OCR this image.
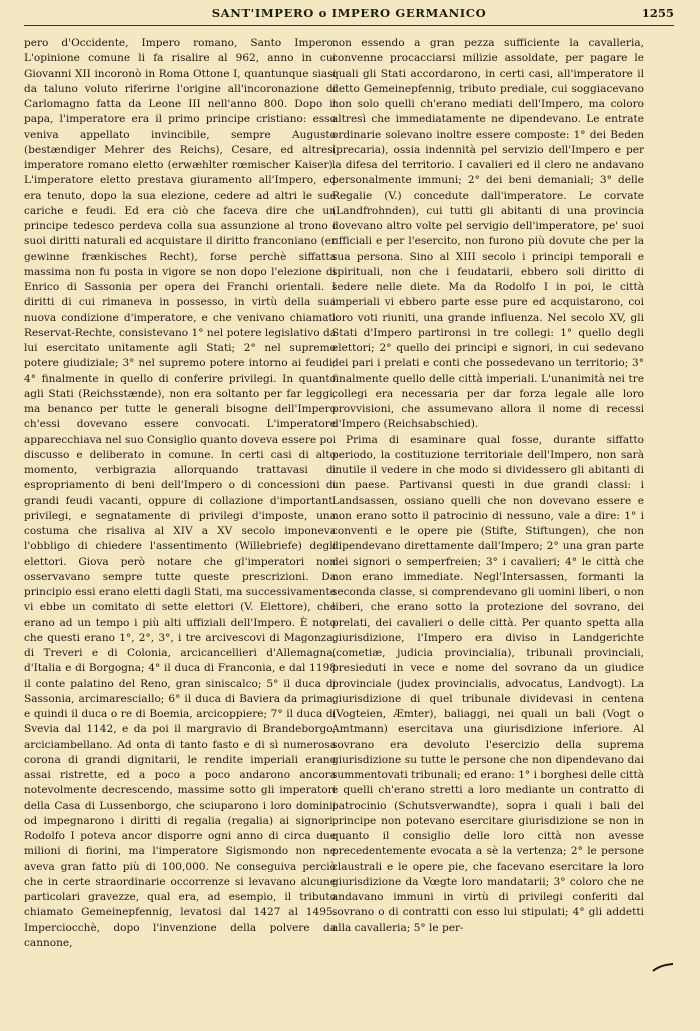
SANT'IMPERO o IMPERO GERMANICO	1255

pero d'Occidente, Impero romano, Santo Impero. L'opinione comune li fa risalire al 962, anno in cui Giovanni XII incoronò in Roma Ottone I, quantunque siasi da taluno voluto riferirne l'origine all'incoronazione di Carlomagno fatta da Leone III nell'anno 800. Dopo il papa, l'imperatore era il primo principe cristiano: esso veniva appellato invincibile, sempre Augusto (bestændiger Mehrer des Reichs), Cesare, ed altresì imperatore romano eletto (erwæhlter rœmischer Kaiser). L'imperatore eletto prestava giuramento all'Impero, ed era tenuto, dopo la sua elezione, cedere ad altri le sue cariche e feudi. Ed era ciò che faceva dire che un principe tedesco perdeva colla sua assunzione al trono i suoi diritti naturali ed acquistare il diritto franconiano (er gewinne frænkisches Recht), forse perchè siffatta massima non fu posta in vigore se non dopo l'elezione di Enrico di Sassonia per opera dei Franchi orientali. I diritti di cui rimaneva in possesso, in virtù della sua nuova condizione d'imperatore, e che venivano chiamati Reservat-Rechte, consistevano 1° nel potere legislativo da lui esercitato unitamente agli Stati; 2° nel supremo potere giudiziale; 3° nel supremo potere intorno ai feudi; 4° finalmente in quello di conferire privilegi. In quanto agli Stati (Reichsstænde), non era soltanto per far leggi, ma benanco per tutte le generali bisogne dell'Impero ch'essi dovevano essere convocati. L'imperatore apparecchiava nel suo Consiglio quanto doveva essere poi discusso e deliberato in comune. In certi casi di alto momento, verbigrazia allorquando trattavasi di espropriamento di beni dell'Impero o di concessioni di grandi feudi vacanti, oppure di collazione d'importanti privilegi, e segnatamente di privilegi d'imposte, una costuma che risaliva al XIV a XV secolo imponeva l'obbligo di chiedere l'assentimento (Willebriefe) degli elettori. Giova però notare che gl'imperatori non osservavano sempre tutte queste prescrizioni. Da principio essi erano eletti dagli Stati, ma successivamente vi ebbe un comitato di sette elettori (V. Elettore), che erano ad un tempo i più alti uffiziali dell'Impero. È noto che questi erano 1°, 2°, 3°, i tre arcivescovi di Magonza, di Treveri e di Colonia, arcicancellieri d'Allemagna, d'Italia e di Borgogna; 4° il duca di Franconia, e dal 1198 il conte palatino del Reno, gran siniscalco; 5° il duca di Sassonia, arcimaresciallo; 6° il duca di Baviera da prima, e quindi il duca o re di Boemia, arcicoppiere; 7° il duca di Svevia dal 1142, e da poi il margravio di Brandeborgo, arciciambellano. Ad onta di tanto fasto e di sì numerosa corona di grandi dignitarii, le rendite imperiali erano assai ristrette, ed a poco a poco andarono ancora notevolmente decrescendo, massime sotto gli imperatori della Casa di Lussenborgo, che sciuparono i loro dominii od impegnarono i diritti di regalia (regalia) ai signori. Rodolfo I poteva ancor disporre ogni anno di circa due milioni di fiorini, ma l'imperatore Sigismondo non ne aveva gran fatto più di 100,000. Ne conseguiva perciò che in certe straordinarie occorrenze si levavano alcune particolari gravezze, qual era, ad esempio, il tributo chiamato Gemeinepfennig, levatosi dal 1427 al 1495. Imperciocchè, dopo l'invenzione della polvere da cannone,

non essendo a gran pezza sufficiente la cavalleria, convenne procacciarsi milizie assoldate, per pagare le quali gli Stati accordarono, in certi casi, all'imperatore il detto Gemeinepfennig, tributo prediale, cui soggiacevano non solo quelli ch'erano mediati dell'Impero, ma coloro altresì che immediatamente ne dipendevano. Le entrate ordinarie solevano inoltre essere composte: 1° dei Beden (precaria), ossia indennità pel servizio dell'Impero e per la difesa del territorio. I cavalieri ed il clero ne andavano personalmente immuni; 2° dei beni demaniali; 3° delle Regalie (V.) concedute dall'imperatore. Le corvate (Landfrohnden), cui tutti gli abitanti di una provincia dovevano altro volte pel servigio dell'imperatore, pe' suoi ufficiali e per l'esercito, non furono più dovute che per la sua persona. Sino al XIII secolo i principi temporali e spirituali, non che i feudatarii, ebbero soli diritto di sedere nelle diete. Ma da Rodolfo I in poi, le città imperiali vi ebbero parte esse pure ed acquistarono, coi loro voti riuniti, una grande influenza. Nel secolo XV, gli Stati d'Impero partironsi in tre collegi: 1° quello degli elettori; 2° quello dei principi e signori, in cui sedevano dei pari i prelati e conti che possedevano un territorio; 3° finalmente quello delle città imperiali. L'unanimità nei tre collegi era necessaria per dar forza legale alle loro provvisioni, che assumevano allora il nome di recessi d'Impero (Reichsabschied).

Prima di esaminare qual fosse, durante siffatto periodo, la costituzione territoriale dell'Impero, non sarà inutile il vedere in che modo si dividessero gli abitanti di un paese. Partivansi questi in due grandi classi: i Landsassen, ossiano quelli che non dovevano essere e non erano sotto il patrocinio di nessuno, vale a dire: 1° i conventi e le opere pie (Stifte, Stiftungen), che non dipendevano direttamente dall'Impero; 2° una gran parte dei signori o semperfreien; 3° i cavalieri; 4° le città che non erano immediate. Negl'Intersassen, formanti la seconda classe, si comprendevano gli uomini liberi, o non liberi, che erano sotto la protezione del sovrano, dei prelati, dei cavalieri o delle città. Per quanto spetta alla giurisdizione, l'Impero era diviso in Landgerichte (cometiæ, judicia provincialia), tribunali provinciali, presieduti in vece e nome del sovrano da un giudice provinciale (judex provincialis, advocatus, Landvogt). La giurisdizione di quel tribunale dividevasi in centena (Vogteien, Æmter), baliaggi, nei quali un bali (Vogt o Amtmann) esercitava una giurisdizione inferiore. Al sovrano era devoluto l'esercizio della suprema giurisdizione su tutte le persone che non dipendevano dai summentovati tribunali; ed erano: 1° i borghesi delle città e quelli ch'erano stretti a loro mediante un contratto di patrocinio (Schutsverwandte), sopra i quali i bali del principe non potevano esercitare giurisdizione se non in quanto il consiglio delle loro città non avesse precedentemente evocata a sè la vertenza; 2° le persone claustrali e le opere pie, che facevano esercitare la loro giurisdizione da Vœgte loro mandatarii; 3° coloro che ne andavano immuni in virtù di privilegi conferiti dal sovrano o di contratti con esso lui stipulati; 4° gli addetti alla cavalleria; 5° le per-
